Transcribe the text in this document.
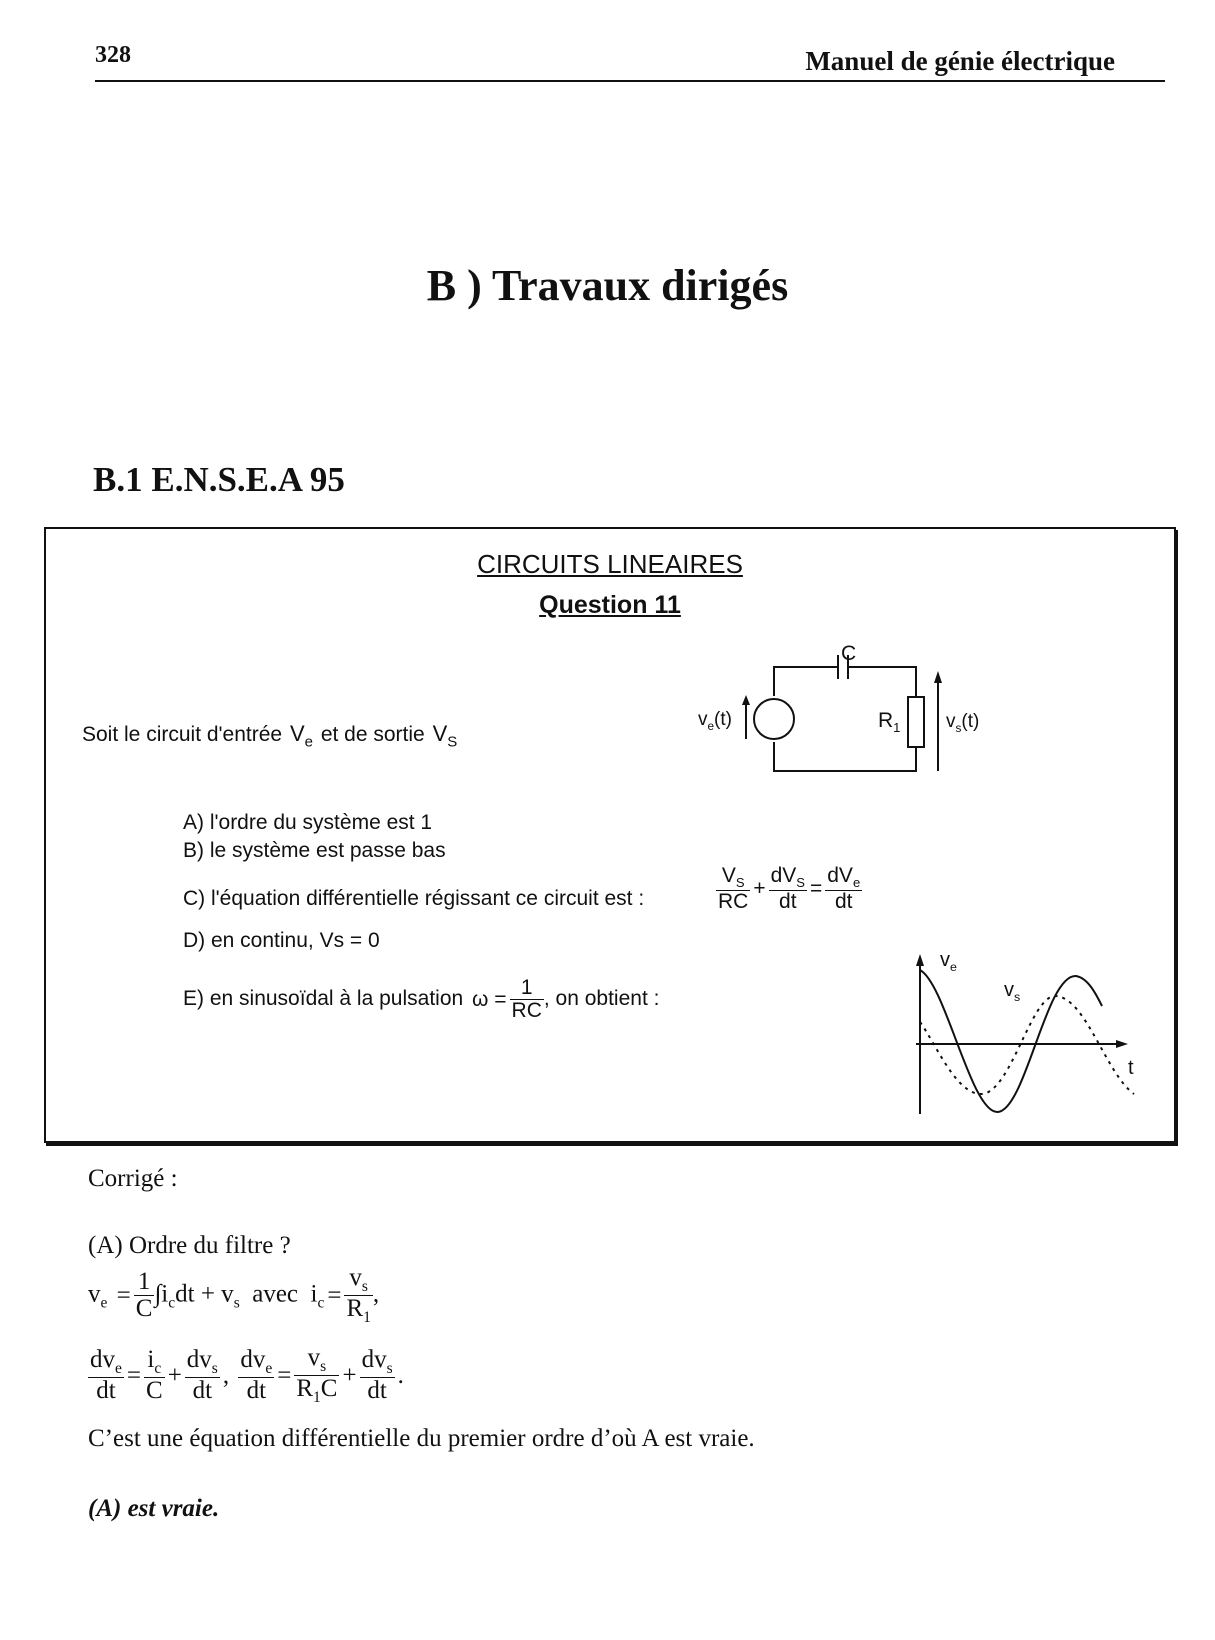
328	Manuel de génie électrique
B ) Travaux dirigés
B.1 E.N.S.E.A 95
CIRCUITS LINEAIRES
Question 11
Soit le circuit d'entrée $V_e$ et de sortie $V_S$
C
$R_1$
$v_e(t)$	$v_s(t)$
A) l'ordre du système est 1
B) le système est passe bas
C) l'équation différentielle régissant ce circuit est :
D) en continu, Vs = 0
$\frac{V_S}{RC} + \frac{dV_S}{dt} = \frac{dV_e}{dt}$
E) en sinusoïdal à la pulsation $\omega = \frac{1}{RC}$ , on obtient :
$v_e$
$v_s$
t
Corrigé :
(A) Ordre du filtre ?
$v_e = \frac{1}{C} \int i_cdt + v_s$ avec $i_c = \frac{v_s}{R_1}$ ,
$\frac{dv_e}{dt} = \frac{i_c}{C} + \frac{dv_s}{dt}$ , $\frac{dv_e}{dt} = \frac{v_s}{R_1C} + \frac{dv_s}{dt}$ .
C’est une équation différentielle du premier ordre d’où A est vraie.
(A) est vraie.
